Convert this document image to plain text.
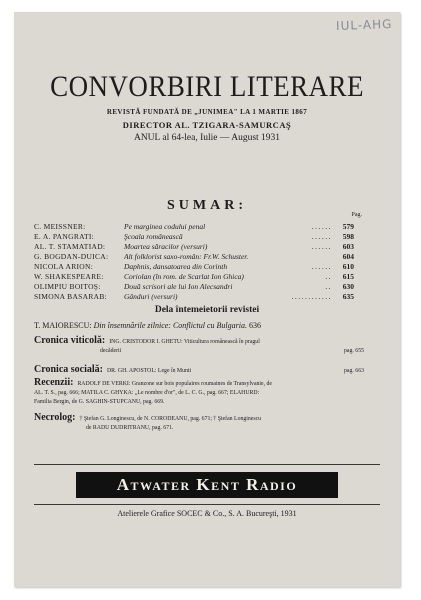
IUL-AHG
CONVORBIRI LITERARE
REVISTĂ FUNDATĂ DE „JUNIMEA" LA 1 MARTIE 1867
DIRECTOR AL. TZIGARA-SAMURCAŞ
ANUL al 64-lea, Iulie — August 1931
SUMAR:
Pag.
C. MEISSNER:	Pe marginea codului penal	......	579
E. A. PANGRATI:	Şcoala românească	......	598
AL. T. STAMATIAD:	Moartea săracilor (versuri)	......	603
G. BOGDAN-DUICA:	Alt folklorist saxo-român: Fr.W. Schuster.	604
NICOLA ARION:	Daphnis, dansatoarea din Corinth	......	610
W. SHAKESPEARE:	Coriolan (în rom. de Scarlat Ion Ghica)	..	615
OLIMPIU BOITOŞ:	Două scrisori ale lui Ion Alecsandri	..	630
SIMONA BASARAB:	Gânduri (versuri)	............	635
Dela întemeietorii revistei
T. MAIORESCU: Din însemnările zilnice: Conflictul cu Bulgaria. 636
Cronica viticolă: ING. CRISTODOR I. GHETU: Viticultura românească în pragul
decăderii	pag. 655
Cronica socială: DR. GH. APOSTOL: Lege în Munti	pag. 663
Recenzii: RADOLF DE VERKI: Granzone sur bois populaires roumaines de Transylvanie, de
AL. T. S., pag. 666; MATILA C. GHYKA: „Le nombre d'or", de L. C. G., pag. 667; ELAHURD:
Familia Bergin, de G. SAGHIN-STUPCANU, pag. 669.
Necrolog: † Ştefan G. Longinescu, de N. CORODEANU, pag. 671; † Ştefan Longinescu
de RADU DUDRITRANU, pag. 671.
Atwater Kent Radio
Atelierele Grafice SOCEC & Co., S. A. Bucureşti, 1931
